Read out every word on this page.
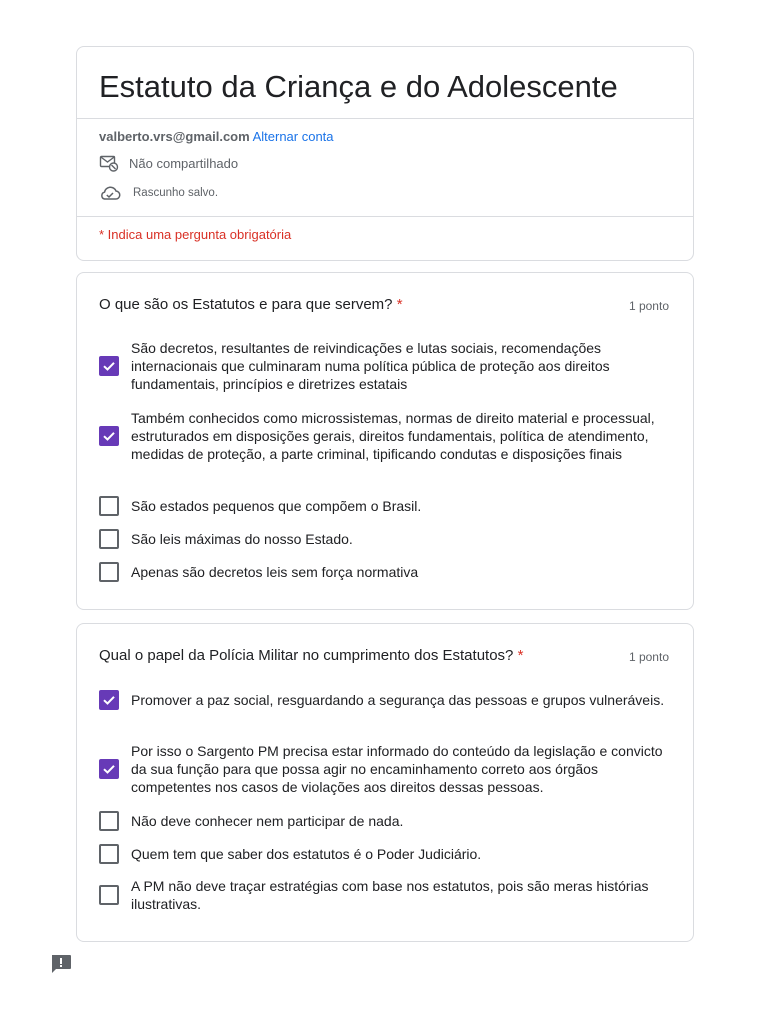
Estatuto da Criança e do Adolescente
valberto.vrs@gmail.com Alternar conta
Não compartilhado
Rascunho salvo.
* Indica uma pergunta obrigatória
O que são os Estatutos e para que servem? *	1 ponto
São decretos, resultantes de reivindicações e lutas sociais, recomendações internacionais que culminaram numa política pública de proteção aos direitos fundamentais, princípios e diretrizes estatais
Também conhecidos como microssistemas, normas de direito material e processual, estruturados em disposições gerais, direitos fundamentais, política de atendimento, medidas de proteção, a parte criminal, tipificando condutas e disposições finais
São estados pequenos que compõem o Brasil.
São leis máximas do nosso Estado.
Apenas são decretos leis sem força normativa
Qual o papel da Polícia Militar no cumprimento dos Estatutos? *	1 ponto
Promover a paz social, resguardando a segurança das pessoas e grupos vulneráveis.
Por isso o Sargento PM precisa estar informado do conteúdo da legislação e convicto da sua função para que possa agir no encaminhamento correto aos órgãos competentes nos casos de violações aos direitos dessas pessoas.
Não deve conhecer nem participar de nada.
Quem tem que saber dos estatutos é o Poder Judiciário.
A PM não deve traçar estratégias com base nos estatutos, pois são meras histórias ilustrativas.
